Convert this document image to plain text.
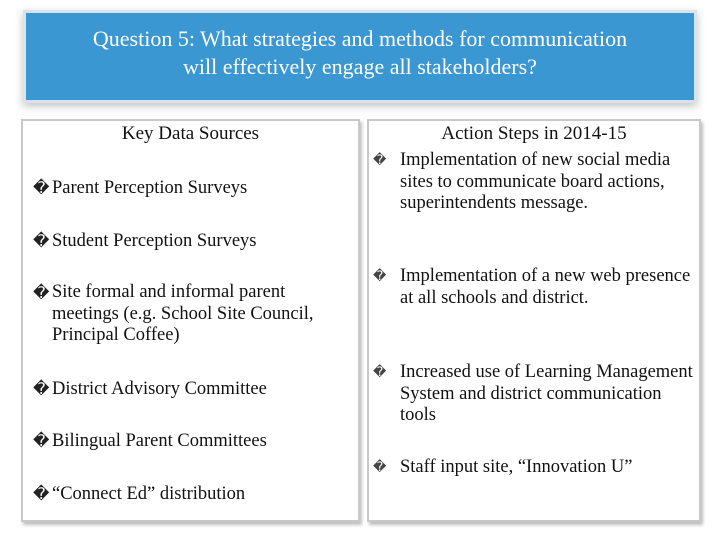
Question 5: What strategies and methods for communication
will effectively engage all stakeholders?
Key Data Sources
� Parent Perception Surveys
� Student Perception Surveys
� Site formal and informal parent meetings (e.g. School Site Council, Principal Coffee)
� District Advisory Committee
� Bilingual Parent Committees
� “Connect Ed” distribution
Action Steps in 2014-15
� Implementation of new social media sites to communicate board actions, superintendents message.
� Implementation of a new web presence at all schools and district.
� Increased use of Learning Management System and district communication tools
� Staff input site, “Innovation U”
